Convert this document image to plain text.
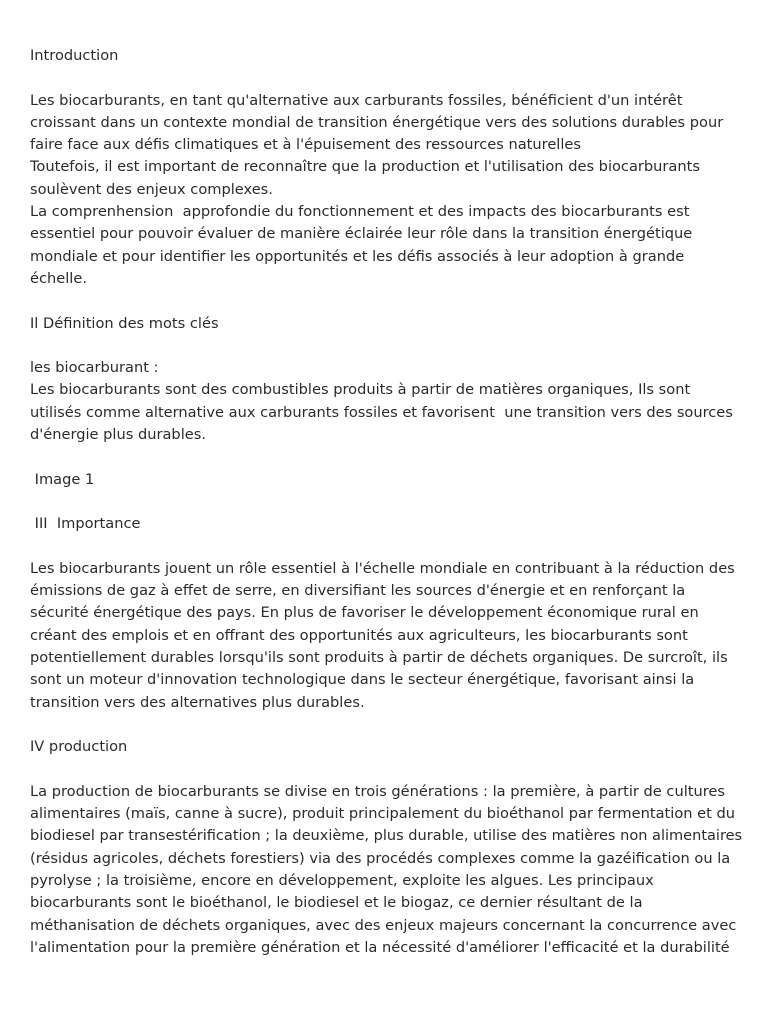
Introduction
Les biocarburants, en tant qu'alternative aux carburants fossiles, bénéficient d'un intérêt
croissant dans un contexte mondial de transition énergétique vers des solutions durables pour
faire face aux défis climatiques et à l'épuisement des ressources naturelles
Toutefois, il est important de reconnaître que la production et l'utilisation des biocarburants
soulèvent des enjeux complexes.
La comprenhension  approfondie du fonctionnement et des impacts des biocarburants est
essentiel pour pouvoir évaluer de manière éclairée leur rôle dans la transition énergétique
mondiale et pour identifier les opportunités et les défis associés à leur adoption à grande
échelle.
Il Définition des mots clés
les biocarburant :
Les biocarburants sont des combustibles produits à partir de matières organiques, Ils sont
utilisés comme alternative aux carburants fossiles et favorisent  une transition vers des sources
d'énergie plus durables.
Image 1
III  Importance
Les biocarburants jouent un rôle essentiel à l'échelle mondiale en contribuant à la réduction des
émissions de gaz à effet de serre, en diversifiant les sources d'énergie et en renforçant la
sécurité énergétique des pays. En plus de favoriser le développement économique rural en
créant des emplois et en offrant des opportunités aux agriculteurs, les biocarburants sont
potentiellement durables lorsqu'ils sont produits à partir de déchets organiques. De surcroît, ils
sont un moteur d'innovation technologique dans le secteur énergétique, favorisant ainsi la
transition vers des alternatives plus durables.
IV production
La production de biocarburants se divise en trois générations : la première, à partir de cultures
alimentaires (maïs, canne à sucre), produit principalement du bioéthanol par fermentation et du
biodiesel par transestérification ; la deuxième, plus durable, utilise des matières non alimentaires
(résidus agricoles, déchets forestiers) via des procédés complexes comme la gazéification ou la
pyrolyse ; la troisième, encore en développement, exploite les algues. Les principaux
biocarburants sont le bioéthanol, le biodiesel et le biogaz, ce dernier résultant de la
méthanisation de déchets organiques, avec des enjeux majeurs concernant la concurrence avec
l'alimentation pour la première génération et la nécessité d'améliorer l'efficacité et la durabilité
